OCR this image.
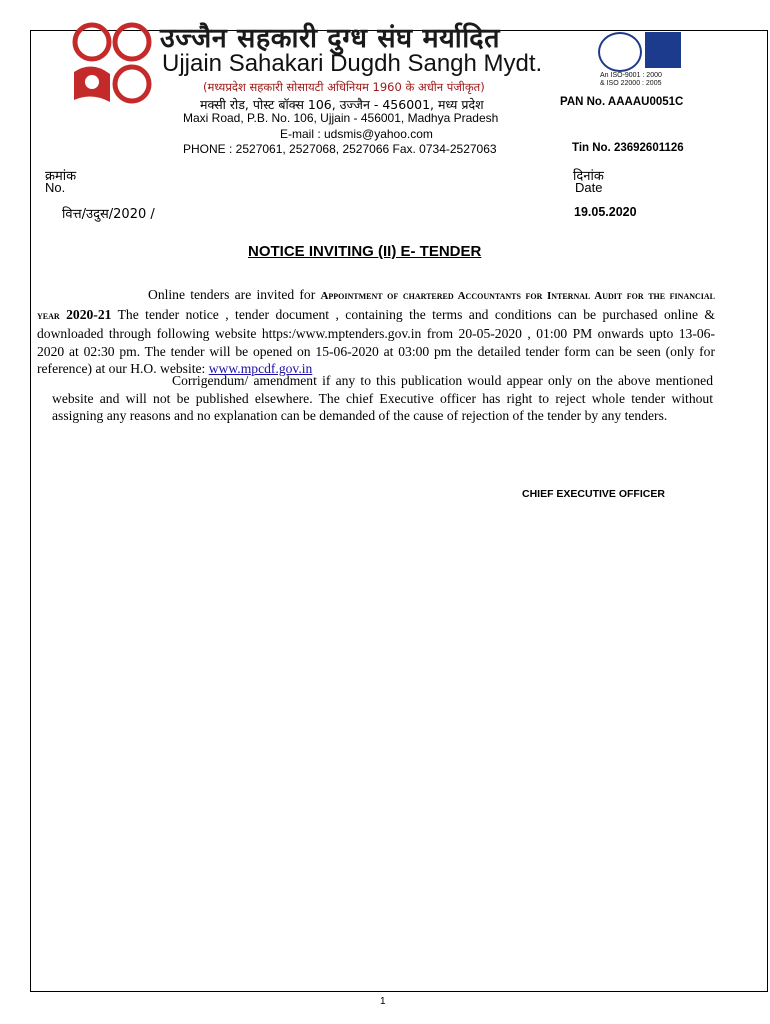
उज्जैन सहकारी दुग्ध संघ मर्यादित
Ujjain Sahakari Dugdh Sangh Mydt.
(मध्यप्रदेश सहकारी सोसायटी अधिनियम 1960 के अधीन पंजीकृत)
मक्सी रोड, पोस्ट बॉक्स 106, उज्जैन - 456001, मध्य प्रदेश
Maxi Road, P.B. No. 106, Ujjain - 456001, Madhya Pradesh
E-mail : udsmis@yahoo.com
PHONE : 2527061, 2527068, 2527066 Fax. 0734-2527063
PAN No. AAAAU0051C
Tin No. 23692601126
An ISO-9001 : 2000
& ISO 22000 : 2005
क्रमांक
No.
दिनांक
Date
वित्त/उदुस/2020 /	19.05.2020
NOTICE INVITING (II) E- TENDER
Online tenders are invited for Appointment of chartered Accountants for Internal Audit for the financial year 2020-21 The tender notice , tender document , containing the terms and conditions can be purchased online & downloaded through following website https:/www.mptenders.gov.in from 20-05-2020 , 01:00 PM onwards upto 13-06-2020 at 02:30 pm. The tender will be opened on 15-06-2020 at 03:00 pm the detailed tender form can be seen (only for reference) at our H.O. website: www.mpcdf.gov.in
Corrigendum/ amendment if any to this publication would appear only on the above mentioned website and will not be published elsewhere. The chief Executive officer has right to reject whole tender without assigning any reasons and no explanation can be demanded of the cause of rejection of the tender by any tenders.
CHIEF EXECUTIVE OFFICER
1
